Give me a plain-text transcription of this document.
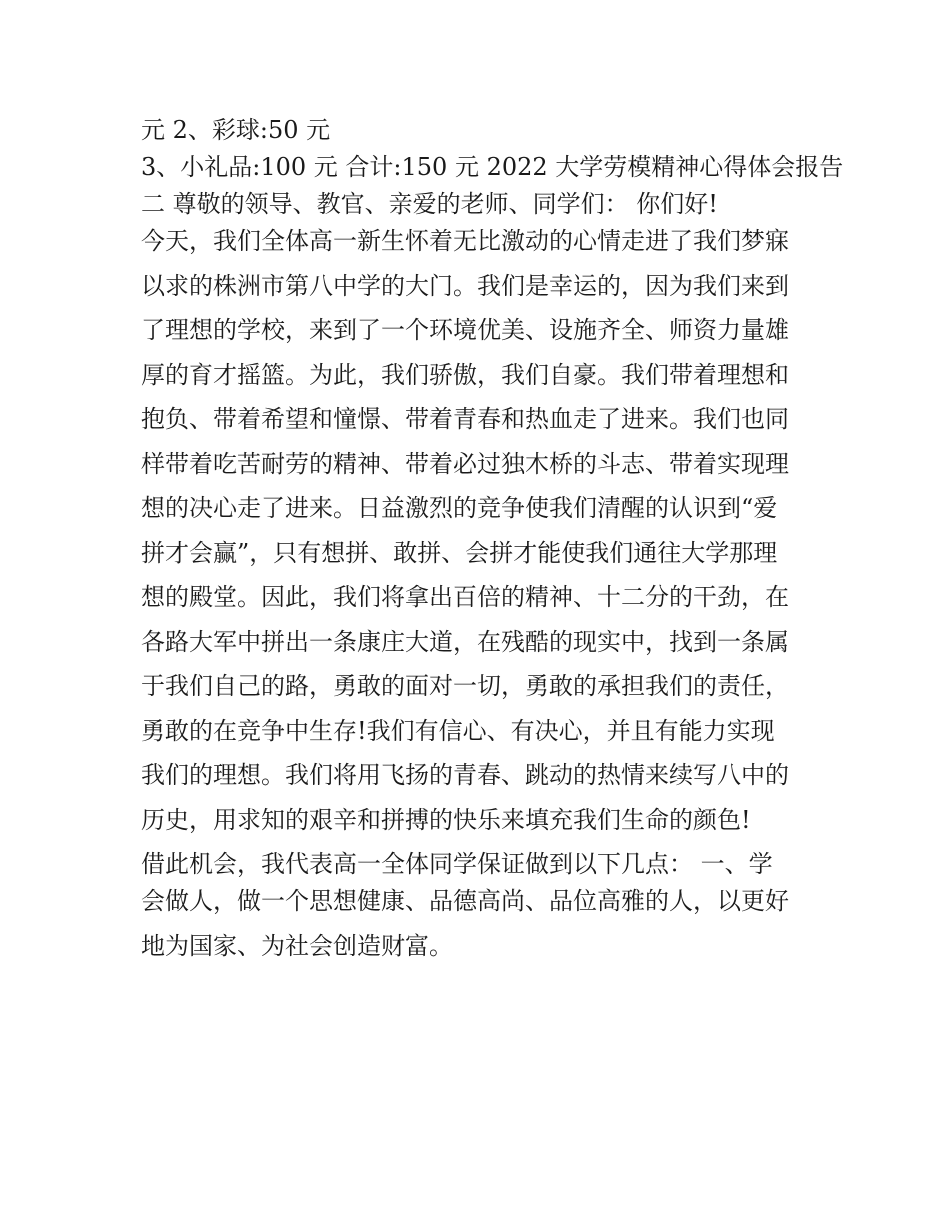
元 2、彩球:50 元
3、小礼品:100 元 合计:150 元 2022 大学劳模精神心得体会报告
二 尊敬的领导、教官、亲爱的老师、同学们： 你们好!
今天，我们全体高一新生怀着无比激动的心情走进了我们梦寐
以求的株洲市第八中学的大门。我们是幸运的，因为我们来到
了理想的学校，来到了一个环境优美、设施齐全、师资力量雄
厚的育才摇篮。为此，我们骄傲，我们自豪。我们带着理想和
抱负、带着希望和憧憬、带着青春和热血走了进来。我们也同
样带着吃苦耐劳的精神、带着必过独木桥的斗志、带着实现理
想的决心走了进来。日益激烈的竞争使我们清醒的认识到“爱
拼才会赢”，只有想拼、敢拼、会拼才能使我们通往大学那理
想的殿堂。因此，我们将拿出百倍的精神、十二分的干劲，在
各路大军中拼出一条康庄大道，在残酷的现实中，找到一条属
于我们自己的路，勇敢的面对一切，勇敢的承担我们的责任，
勇敢的在竞争中生存!我们有信心、有决心，并且有能力实现
我们的理想。我们将用飞扬的青春、跳动的热情来续写八中的
历史，用求知的艰辛和拼搏的快乐来填充我们生命的颜色!
借此机会，我代表高一全体同学保证做到以下几点： 一、学
会做人，做一个思想健康、品德高尚、品位高雅的人，以更好
地为国家、为社会创造财富。
